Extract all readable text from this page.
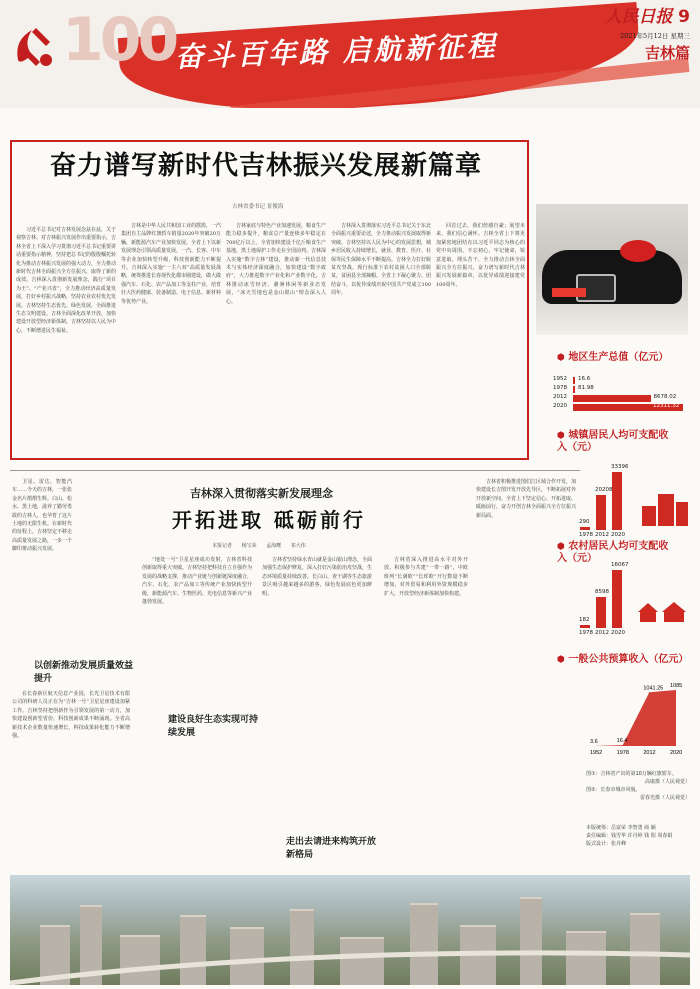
100 奋斗百年路 启航新征程
人民日报 9
2021年5月12日 星期三
吉林篇
奋力谱写新时代吉林振兴发展新篇章
吉林省委书记 景俊海
习近平总书记对吉林发展念兹在兹，关于视察吉林、对吉林振兴发展作出重要指示，吉林全省上下深入学习贯彻习近平总书记重要讲话重要指示精神，坚持把总书记的殷殷嘱托转化为推动吉林振兴发展的强大动力，全力推动新时代吉林全面振兴全方位振兴，取得了新的成效。吉林深入贯彻新发展理念，践行“项目为王”、“产业兴省”，全力推动经济高质量发展，打好乡村振兴战略，坚持农业农村优先发展。吉林坚持生态优先、绿色发展，全面推进生态文明建设。吉林全面深化改革开放，加快建设开放型经济新体制。吉林坚持以人民为中心，不断增进民生福祉。
吉林是中华人民共和国工业的摇篮，一汽集团自主品牌红旗轿车销量2020年突破20万辆，新能源汽车产业加快发展。全省上下以新发展理念引领高质量发展，一汽、长客、中车等企业加快转型升级，科技创新能力不断提升。吉林深入实施“一主六双”高质量发展战略，统筹推进长春现代化都市圈建设，做大做强汽车、石化、农产品加工等支柱产业，培育壮大医药健康、装备制造、电子信息、新材料等优势产业。
吉林家底与特色产业加速发展，粮食生产能力稳步提升，粮食总产量连续多年稳定在700亿斤以上。全省加快建设千亿斤粮食生产基地，黑土地保护工作走在全国前列。吉林深入实施“数字吉林”建设，推动新一代信息技术与实体经济深度融合，加快建设“数字政府”，大力推进数字产业化和产业数字化。吉林推动冰雪经济、避暑休闲等新业态发展，“冰天雪地也是金山银山”理念深入人心。
吉林深入贯彻落实习近平总书记关于东北全面振兴重要论述，全力推动振兴发展取得新突破。吉林坚持以人民为中心的发展思想，城乡居民收入持续增长，就业、教育、医疗、社保等民生保障水平不断提高。吉林全力打好脱贫攻坚战，现行标准下农村贫困人口全部脱贫，贫困县全部摘帽。全省上下凝心聚力、团结奋斗，以优异成绩庆祝中国共产党成立100周年。
回首过去，我们倍感自豪；展望未来，我们信心满怀。吉林全省上下将更加紧密地团结在以习近平同志为核心的党中央周围，不忘初心、牢记使命，锐意进取、埋头苦干，全力推动吉林全面振兴全方位振兴，奋力谱写新时代吉林振兴发展新篇章，以优异成绩迎接建党100周年。
⬢ 地区生产总值（亿元）
1952 16.6
1978 81.98
2012	8678.02
2020	12311.32
⬢ 城镇居民人均可支配收入（元）
290
1978
20208
2012
33396
2020
⬢ 农村居民人均可支配收入（元）
182
1978
8598
2012
16067
2020
⬢ 一般公共预算收入（亿元）
3.6
1952
16.4
1978
1041.25
2012
1085
2020
图①：吉林省产出的第10万辆红旗轿车。
高康摄（人民视觉）
图②：长春市城市风貌。
雷春光摄（人民视觉）
本版统筹：岳富荣 李智勇 商 颖
责任编辑：钱雪华 许丹婷 钱 阳 周春娟
版式设计：张丹峰
卫星、雷达、智能汽车……今天的吉林，一张张金名片熠熠生辉。白山、松水、黑土地，滋养了勤劳勇敢的吉林人，也孕育了这片土地的无限生机。在新时代的征程上，吉林坚定不移走高质量发展之路，一步一个脚印推动振兴发展。
吉林深入贯彻落实新发展理念
开拓进取 砥砺前行
本报记者 杨宝荣 孟海鹰 祁大伟
以创新推动发展质量效益提升
在长春新区航天信息产业园，长光卫星技术有限公司的科研人员正在为“吉林一号”卫星星座建设加紧工作。吉林坚持把创新作为引领发展的第一动力，加快建设创新型省份，科技创新成果不断涌现。全省高新技术企业数量快速增长，科技成果转化能力不断增强。
“地处一号”卫星星座成功发射，吉林省科技创新取得重大突破。吉林坚持把科技自立自强作为发展的战略支撑，推动产业链与创新链深度融合，汽车、石化、农产品加工等传统产业加快转型升级，新能源汽车、生物医药、光电信息等新兴产业蓬勃发展。
建设良好生态实现可持续发展
吉林省坚持绿水青山就是金山银山理念，全面加强生态保护修复，深入打好污染防治攻坚战，生态环境质量持续改善。长白山、查干湖等生态旅游景区吸引越来越多的游客，绿色发展底色更加鲜明。
走出去请进来构筑开放新格局
吉林省深入推进高水平对外开放，积极参与共建“一带一路”，中欧班列“长满欧”“长珲欧”开行数量不断增加，对外贸易和利用外资规模稳步扩大，开放型经济新体制加快构建。
吉林省积极推进图们江区域合作开发，加快建设长吉图开发开放先导区，不断拓展对外开放新空间。全省上下坚定信心、开拓进取、砥砺前行，奋力开创吉林全面振兴全方位振兴新局面。
